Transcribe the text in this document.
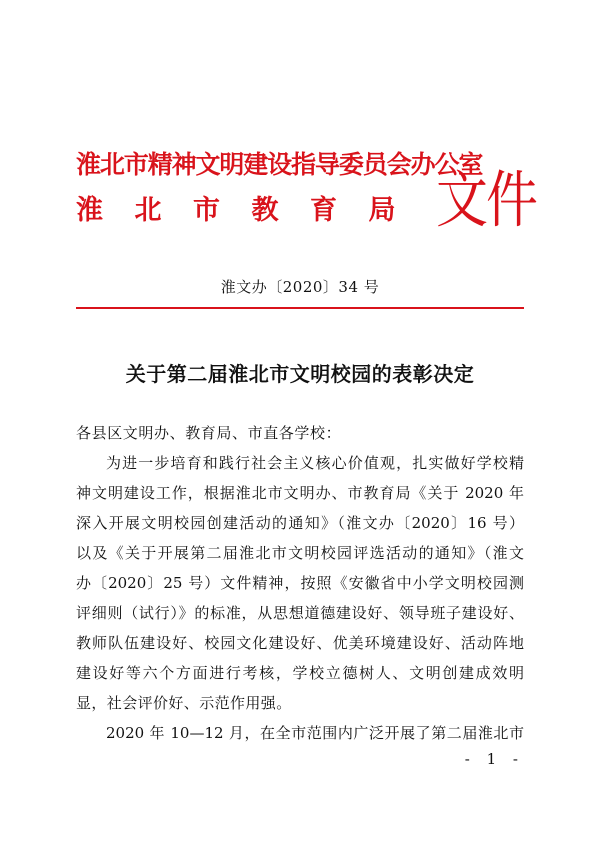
淮北市精神文明建设指导委员会办公室
淮北市教育局 文件
淮文办〔2020〕34 号
关于第二届淮北市文明校园的表彰决定
各县区文明办、教育局、市直各学校：
为进一步培育和践行社会主义核心价值观，扎实做好学校精
神文明建设工作，根据淮北市文明办、市教育局《关于 2020 年
深入开展文明校园创建活动的通知》（淮文办〔2020〕16 号）
以及《关于开展第二届淮北市文明校园评选活动的通知》（淮文
办〔2020〕25 号）文件精神，按照《安徽省中小学文明校园测
评细则（试行）》的标准，从思想道德建设好、领导班子建设好、
教师队伍建设好、校园文化建设好、优美环境建设好、活动阵地
建设好等六个方面进行考核，学校立德树人、文明创建成效明
显，社会评价好、示范作用强。
2020 年 10—12 月，在全市范围内广泛开展了第二届淮北市
- 1 -
